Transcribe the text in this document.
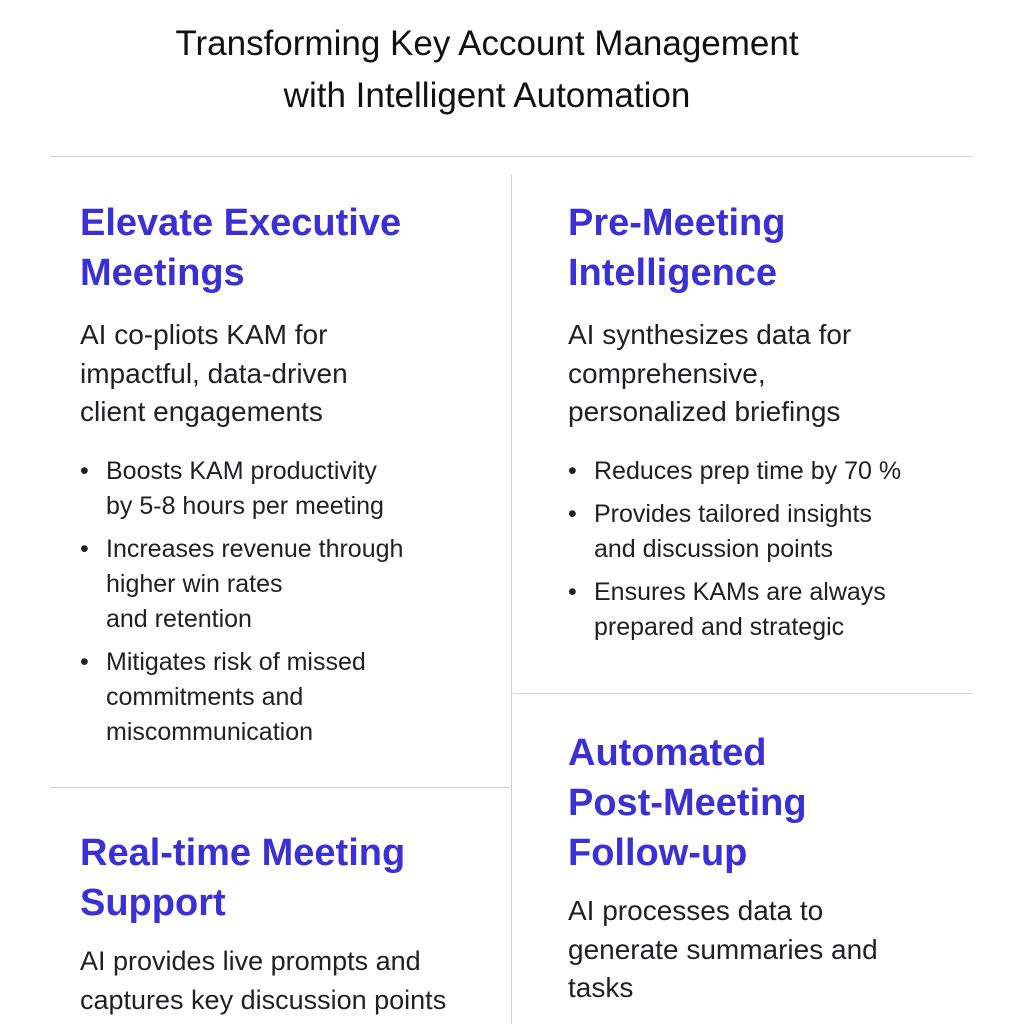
Transforming Key Account Management
with Intelligent Automation
Elevate Executive
Meetings

AI co-pliots KAM for
impactful, data-driven
client engagements

• Boosts KAM productivity
by 5-8 hours per meeting
• Increases revenue through
higher win rates
and retention
• Mitigates risk of missed
commitments and
miscommunication
Pre-Meeting
Intelligence

AI synthesizes data for
comprehensive,
personalized briefings

• Reduces prep time by 70 %
• Provides tailored insights
and discussion points
• Ensures KAMs are always
prepared and strategic
Real-time Meeting
Support

AI provides live prompts and
captures key discussion points

Automated
Post-Meeting
Follow-up

AI processes data to
generate summaries and
tasks
